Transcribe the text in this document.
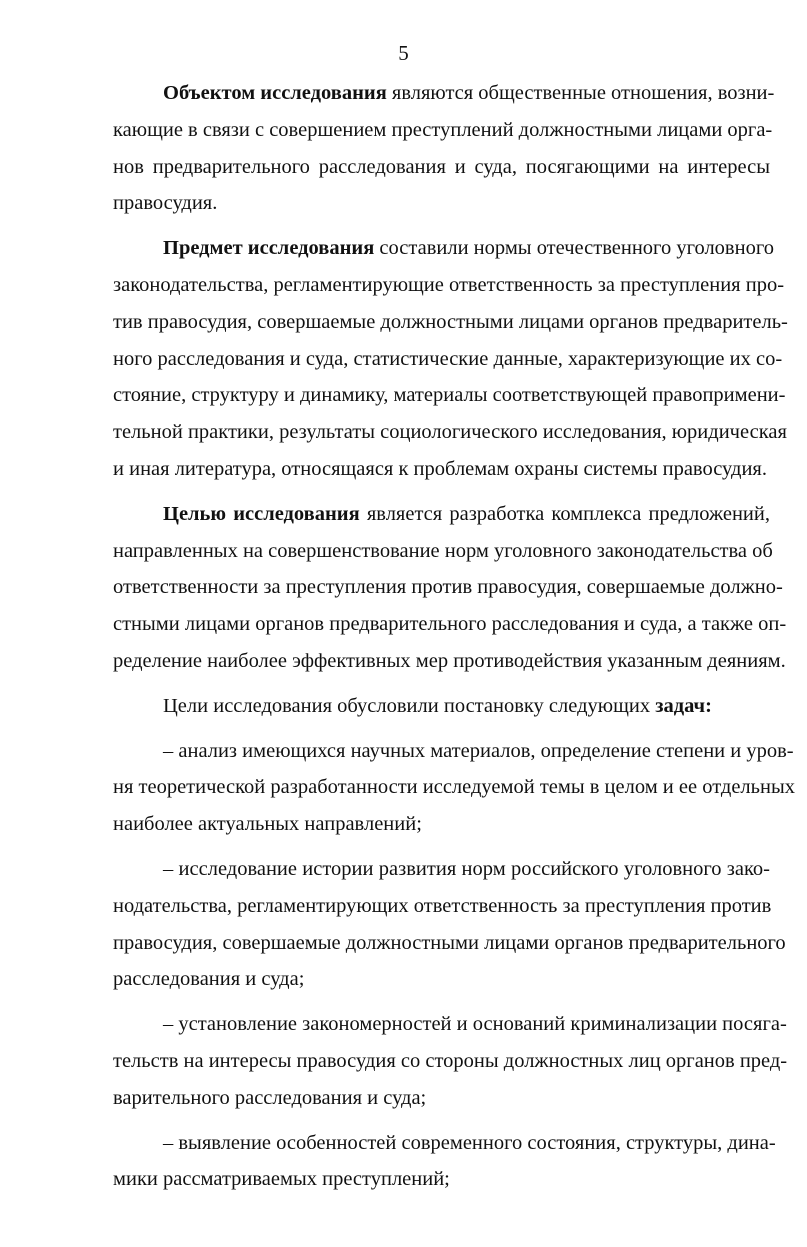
5
Объектом исследования являются общественные отношения, возни-
кающие в связи с совершением преступлений должностными лицами орга-
нов предварительного расследования и суда, посягающими на интересы
правосудия.
Предмет исследования составили нормы отечественного уголовного
законодательства, регламентирующие ответственность за преступления про-
тив правосудия, совершаемые должностными лицами органов предваритель-
ного расследования и суда, статистические данные, характеризующие их со-
стояние, структуру и динамику, материалы соответствующей правопримени-
тельной практики, результаты социологического исследования, юридическая
и иная литература, относящаяся к проблемам охраны системы правосудия.
Целью исследования является разработка комплекса предложений,
направленных на совершенствование норм уголовного законодательства об
ответственности за преступления против правосудия, совершаемые должно-
стными лицами органов предварительного расследования и суда, а также оп-
ределение наиболее эффективных мер противодействия указанным деяниям.
Цели исследования обусловили постановку следующих задач:
– анализ имеющихся научных материалов, определение степени и уров-
ня теоретической разработанности исследуемой темы в целом и ее отдельных
наиболее актуальных направлений;
– исследование истории развития норм российского уголовного зако-
нодательства, регламентирующих ответственность за преступления против
правосудия, совершаемые должностными лицами органов предварительного
расследования и суда;
– установление закономерностей и оснований криминализации посяга-
тельств на интересы правосудия со стороны должностных лиц органов пред-
варительного расследования и суда;
– выявление особенностей современного состояния, структуры, дина-
мики рассматриваемых преступлений;
